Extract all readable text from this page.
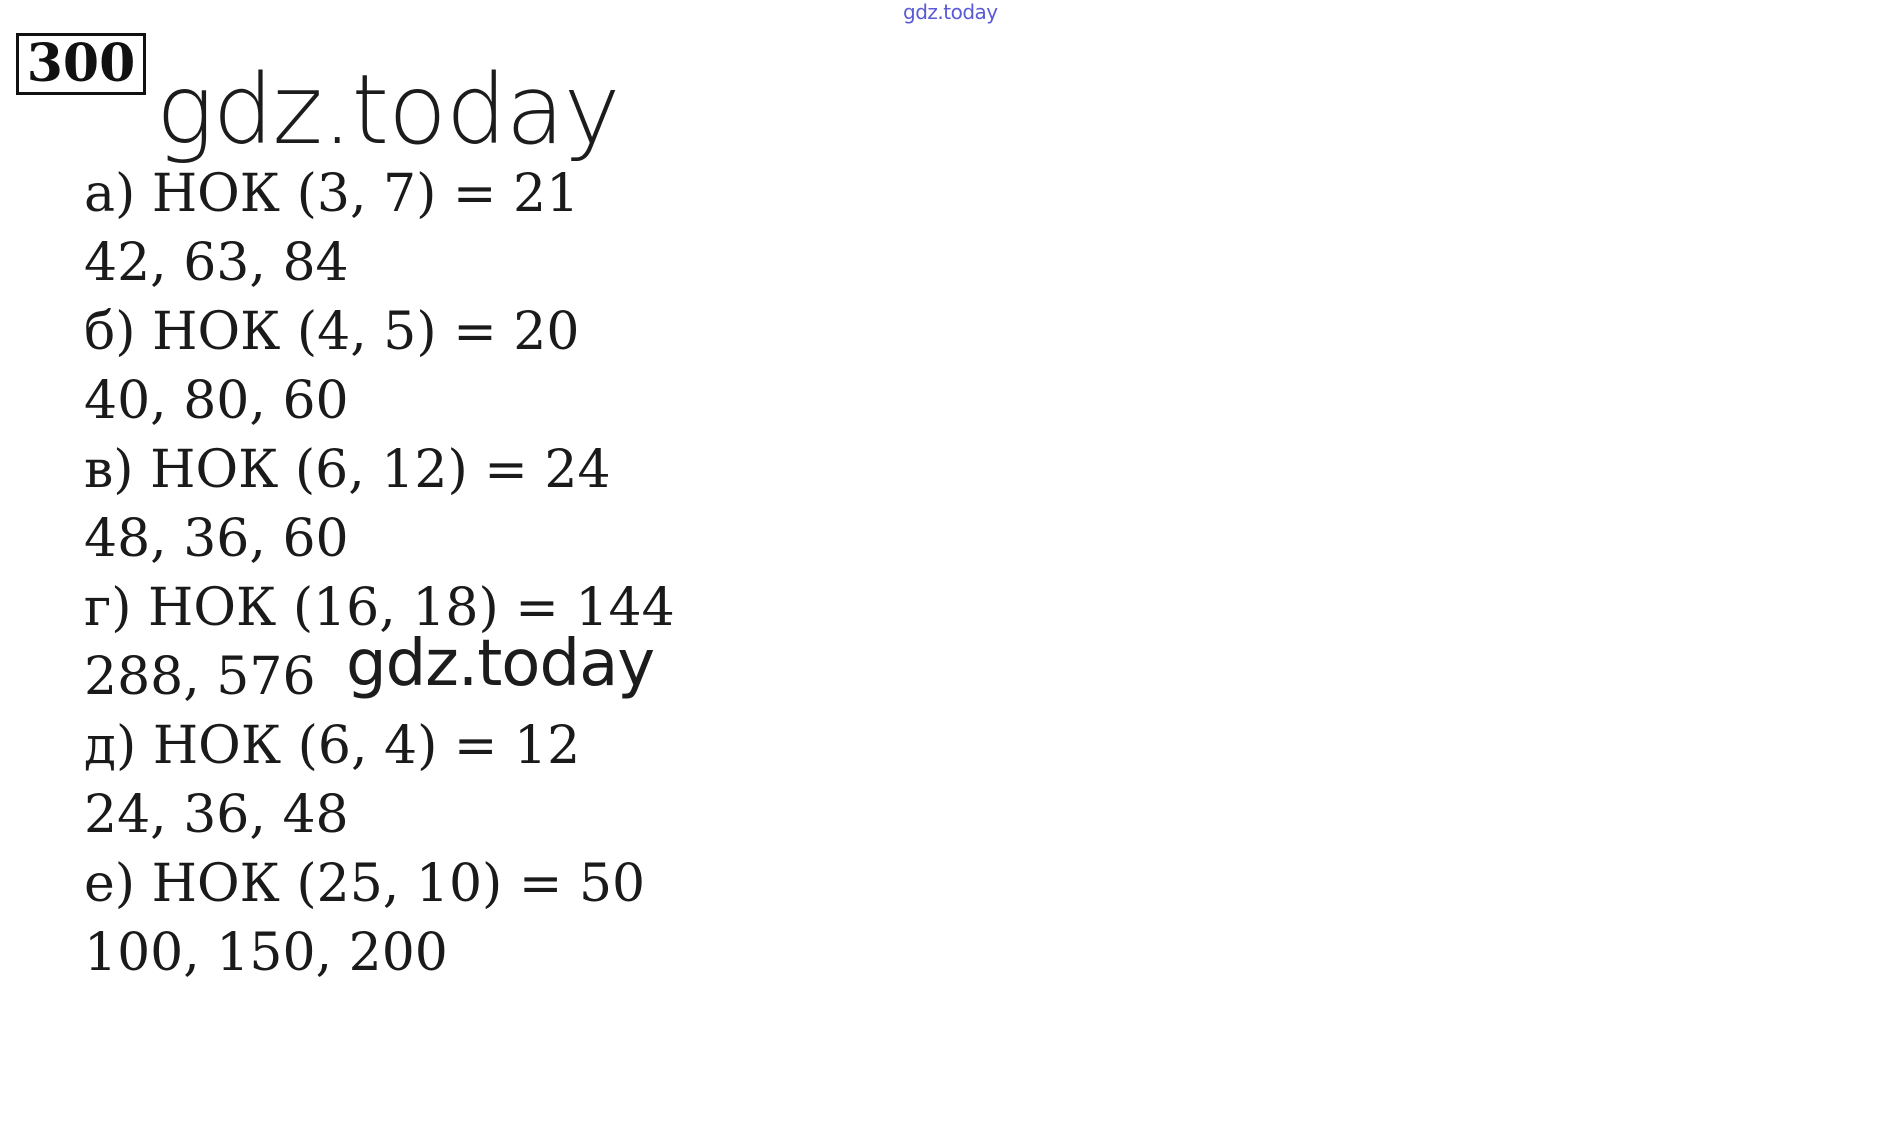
gdz.today
300 gdz.today
а) НОК (3, 7) = 21
42, 63, 84
б) НОК (4, 5) = 20
40, 80, 60
в) НОК (6, 12) = 24
48, 36, 60
г) НОК (16, 18) = 144
288, 576
д) НОК (6, 4) = 12
24, 36, 48
е) НОК (25, 10) = 50
100, 150, 200
gdz.today
